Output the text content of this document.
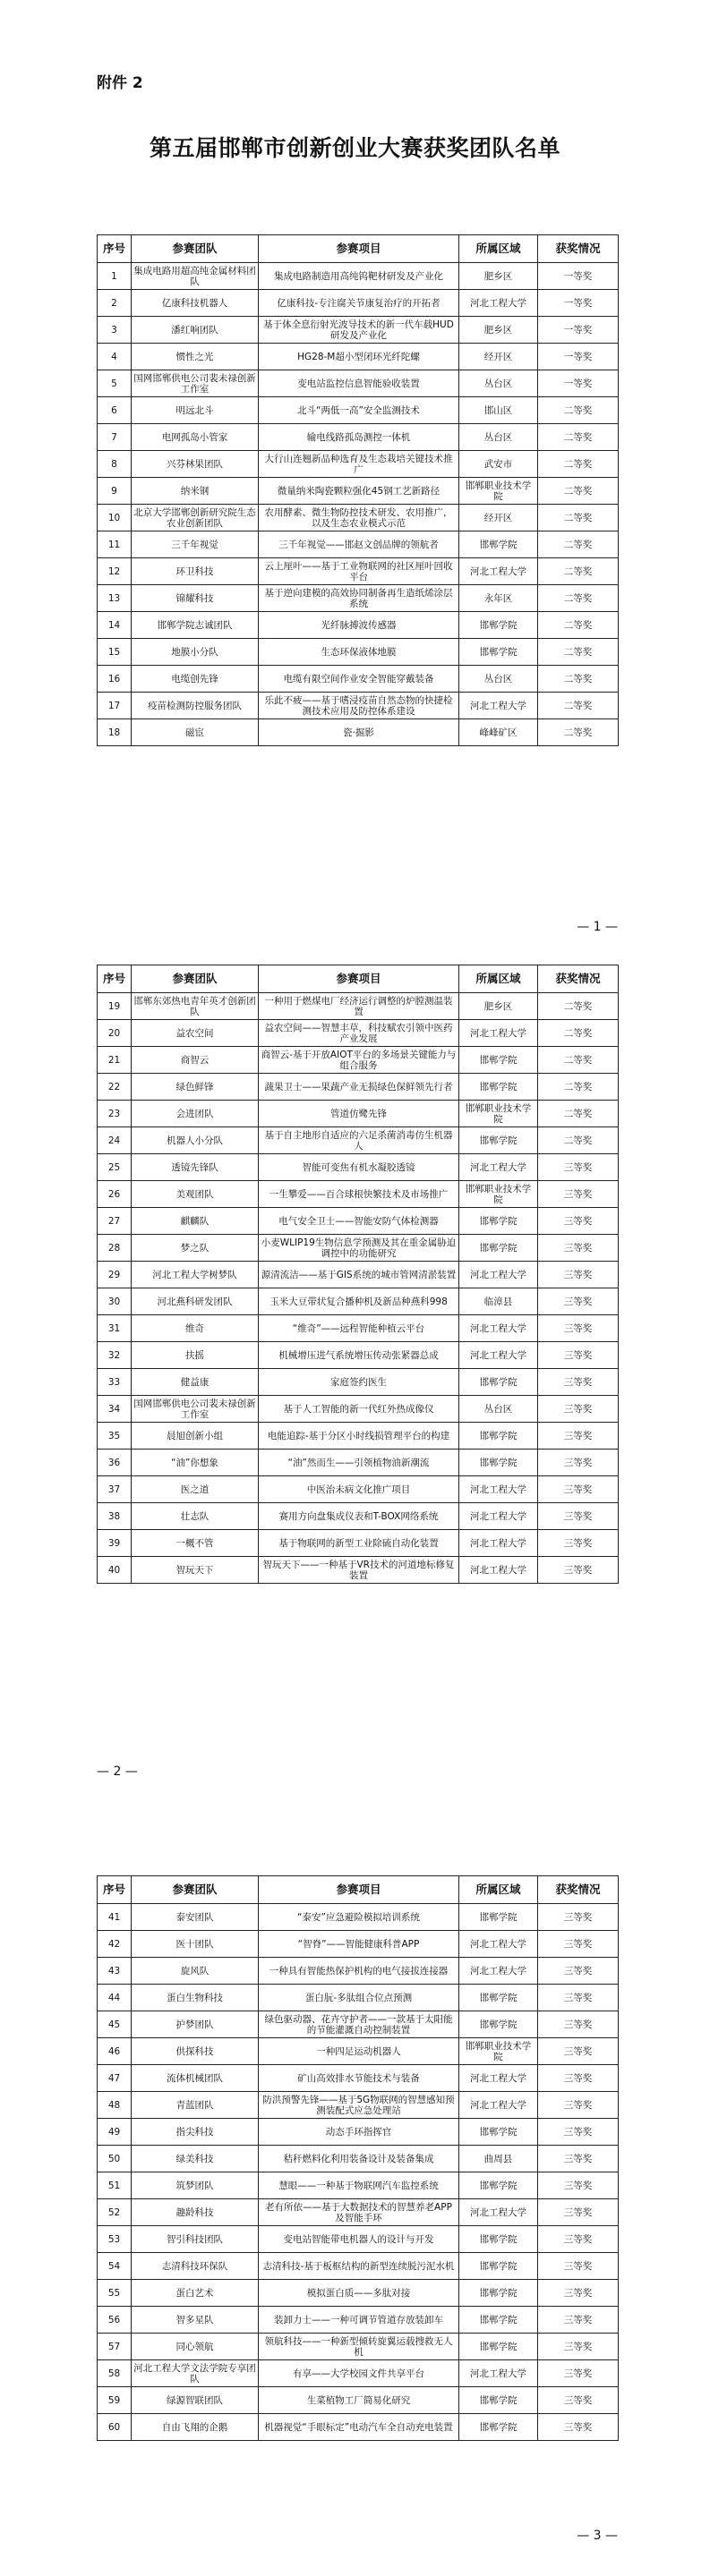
附件 2
第五届邯郸市创新创业大赛获奖团队名单
序号	参赛团队	参赛项目	所属区域	获奖情况
1	集成电路用超高纯金属材料团队	集成电路制造用高纯钨靶材研发及产业化	肥乡区	一等奖
2	亿康科技机器人	亿康科技-专注腐关节康复治疗的开拓者	河北工程大学	一等奖
3	潘红响团队	基于体全息衍射光波导技术的新一代车载HUD研发及产业化	肥乡区	一等奖
4	惯性之光	HG28-M超小型闭环光纤陀螺	经开区	一等奖
5	国网邯郸供电公司裴未禄创新工作室	变电站监控信息智能验收装置	丛台区	一等奖
6	明远北斗	北斗“两低一高”安全监测技术	邯山区	二等奖
7	电网孤岛小管家	输电线路孤岛测控一体机	丛台区	二等奖
8	兴芬林果团队	大行山连翘新品种选育及生态栽培关键技术推广	武安市	二等奖
9	纳米钢	微量纳米陶瓷颗粒强化45钢工艺新路径	邯郸职业技术学院	二等奖
10	北京大学邯郸创新研究院生态农业创新团队	农用酵素、微生物防控技术研发、农用推广，以及生态农业模式示范	经开区	二等奖
11	三千年视觉	三千年视觉——邯赵文创品牌的领航者	邯郸学院	二等奖
12	环卫科技	云上厘叶——基于工业物联网的社区厘叶回收平台	河北工程大学	二等奖
13	锦耀科技	基于逆向建模的高效协同制备再生造纸烯涂层系统	永年区	二等奖
14	邯郸学院志诚团队	光纤脉搏波传感器	邯郸学院	二等奖
15	地膜小分队	生态环保液体地膜	邯郸学院	二等奖
16	电缆创先锋	电缆有限空间作业安全智能穿戴装备	丛台区	二等奖
17	疫苗检测防控服务团队	乐此不疲——基于嗜浸疫苗自然态物的快捷检测技术应用及防控体系建设	河北工程大学	二等奖
18	磁宦	瓷·掘影	峰峰矿区	二等奖
序号	参赛团队	参赛项目	所属区域	获奖情况
19	邯郸东郊热电青年英才创新团队	一种用于燃煤电厂经济运行调整的炉膛测温装置	肥乡区	二等奖
20	益农空间	益农空间——智慧丰草，科技赋农引领中医药产业发展	河北工程大学	二等奖
21	商智云	商智云-基于开放AIOT平台的多场景关键能力与组合服务	邯郸学院	二等奖
22	绿色鲜锋	蔬果卫士——果蔬产业无损绿色保鲜领先行者	邯郸学院	二等奖
23	会进团队	管道仿鹭先锋	邯郸职业技术学院	二等奖
24	机器人小分队	基于自主地形自适应的六足杀菌消毒仿生机器人	邯郸学院	二等奖
25	透镜先锋队	智能可变焦有机水凝胶透镜	河北工程大学	三等奖
26	美观团队	一生攀爱——百合球根快繁技术及市场推广	邯郸职业技术学院	三等奖
27	麒麟队	电气安全卫士——智能安防气体检测器	邯郸学院	三等奖
28	梦之队	小麦WLIP19生物信息学预测及其在重金属胁迫调控中的功能研究	邯郸学院	三等奖
29	河北工程大学树梦队	源清流洁——基于GIS系统的城市管网清淤装置	河北工程大学	三等奖
30	河北燕科研发团队	玉米大豆带状复合播种机及新品种燕科998	临漳县	三等奖
31	维奇	“维奇”——远程智能种植云平台	河北工程大学	三等奖
32	扶摇	机械增压进气系统增压传动张紧器总成	河北工程大学	三等奖
33	健益康	家庭签约医生	邯郸学院	三等奖
34	国网邯郸供电公司裴未禄创新工作室	基于人工智能的新一代红外热成像仪	丛台区	三等奖
35	晨旭创新小组	电能追踪-基于分区小时线损管理平台的构建	邯郸学院	三等奖
36	“油”你想象	“油”然而生——引领植物油新潮流	邯郸学院	三等奖
37	医之道	中医治未病文化推广项目	河北工程大学	三等奖
38	壮志队	赛用方向盘集成仪表和T-BOX网络系统	河北工程大学	三等奖
39	一概不管	基于物联网的新型工业除硫自动化装置	河北工程大学	三等奖
40	智玩天下	智玩天下——一种基于VR技术的河道地标修复装置	河北工程大学	三等奖
序号	参赛团队	参赛项目	所属区域	获奖情况
41	泰安团队	“泰安”应急避险模拟培训系统	邯郸学院	三等奖
42	医十团队	“智脊”——智能健康科普APP	河北工程大学	三等奖
43	旋风队	一种具有智能热保护机构的电气接拔连接器	河北工程大学	三等奖
44	蛋白生物科技	蛋白朊-多肽组合位点预测	邯郸学院	三等奖
45	护梦团队	绿色驱动器、花卉守护者——一款基于太阳能的节能灌溉自动控制装置	邯郸学院	三等奖
46	供探科技	一种四足运动机器人	邯郸职业技术学院	三等奖
47	流体机械团队	矿山高效排水节能技术与装备	河北工程大学	三等奖
48	青蓝团队	防洪预警先锋——基于5G物联网的智慧感知预测装配式应急处理站	河北工程大学	三等奖
49	指尖科技	动态手环指挥官	邯郸学院	三等奖
50	绿美科技	秸秆燃料化利用装备设计及装备集成	曲周县	三等奖
51	筑梦团队	慧眼——一种基于物联网汽车监控系统	邯郸学院	三等奖
52	趣龄科技	老有所依——基于大数据技术的智慧养老APP及智能手环	河北工程大学	三等奖
53	智引科技团队	变电站智能带电机器人的设计与开发	邯郸学院	三等奖
54	志清科技环保队	志清科技-基于板框结构的新型连续脱污泥水机	邯郸学院	三等奖
55	蛋白艺术	模拟蛋白质——多肽对接	邯郸学院	三等奖
56	智多星队	装卸力士——一种可调节管道存放装卸车	邯郸学院	三等奖
57	同心领航	领航科技——一种新型倾转旋翼运载搜救无人机	邯郸学院	三等奖
58	河北工程大学文法学院专享团队	有享——大学校园文件共享平台	河北工程大学	三等奖
59	绿源智联团队	生菜植物工厂简易化研究	邯郸学院	三等奖
60	自由飞翔的企鹅	机器视觉“手眼标定”电动汽车全自动充电装置	邯郸学院	三等奖
— 1 —
— 2 —
— 3 —
